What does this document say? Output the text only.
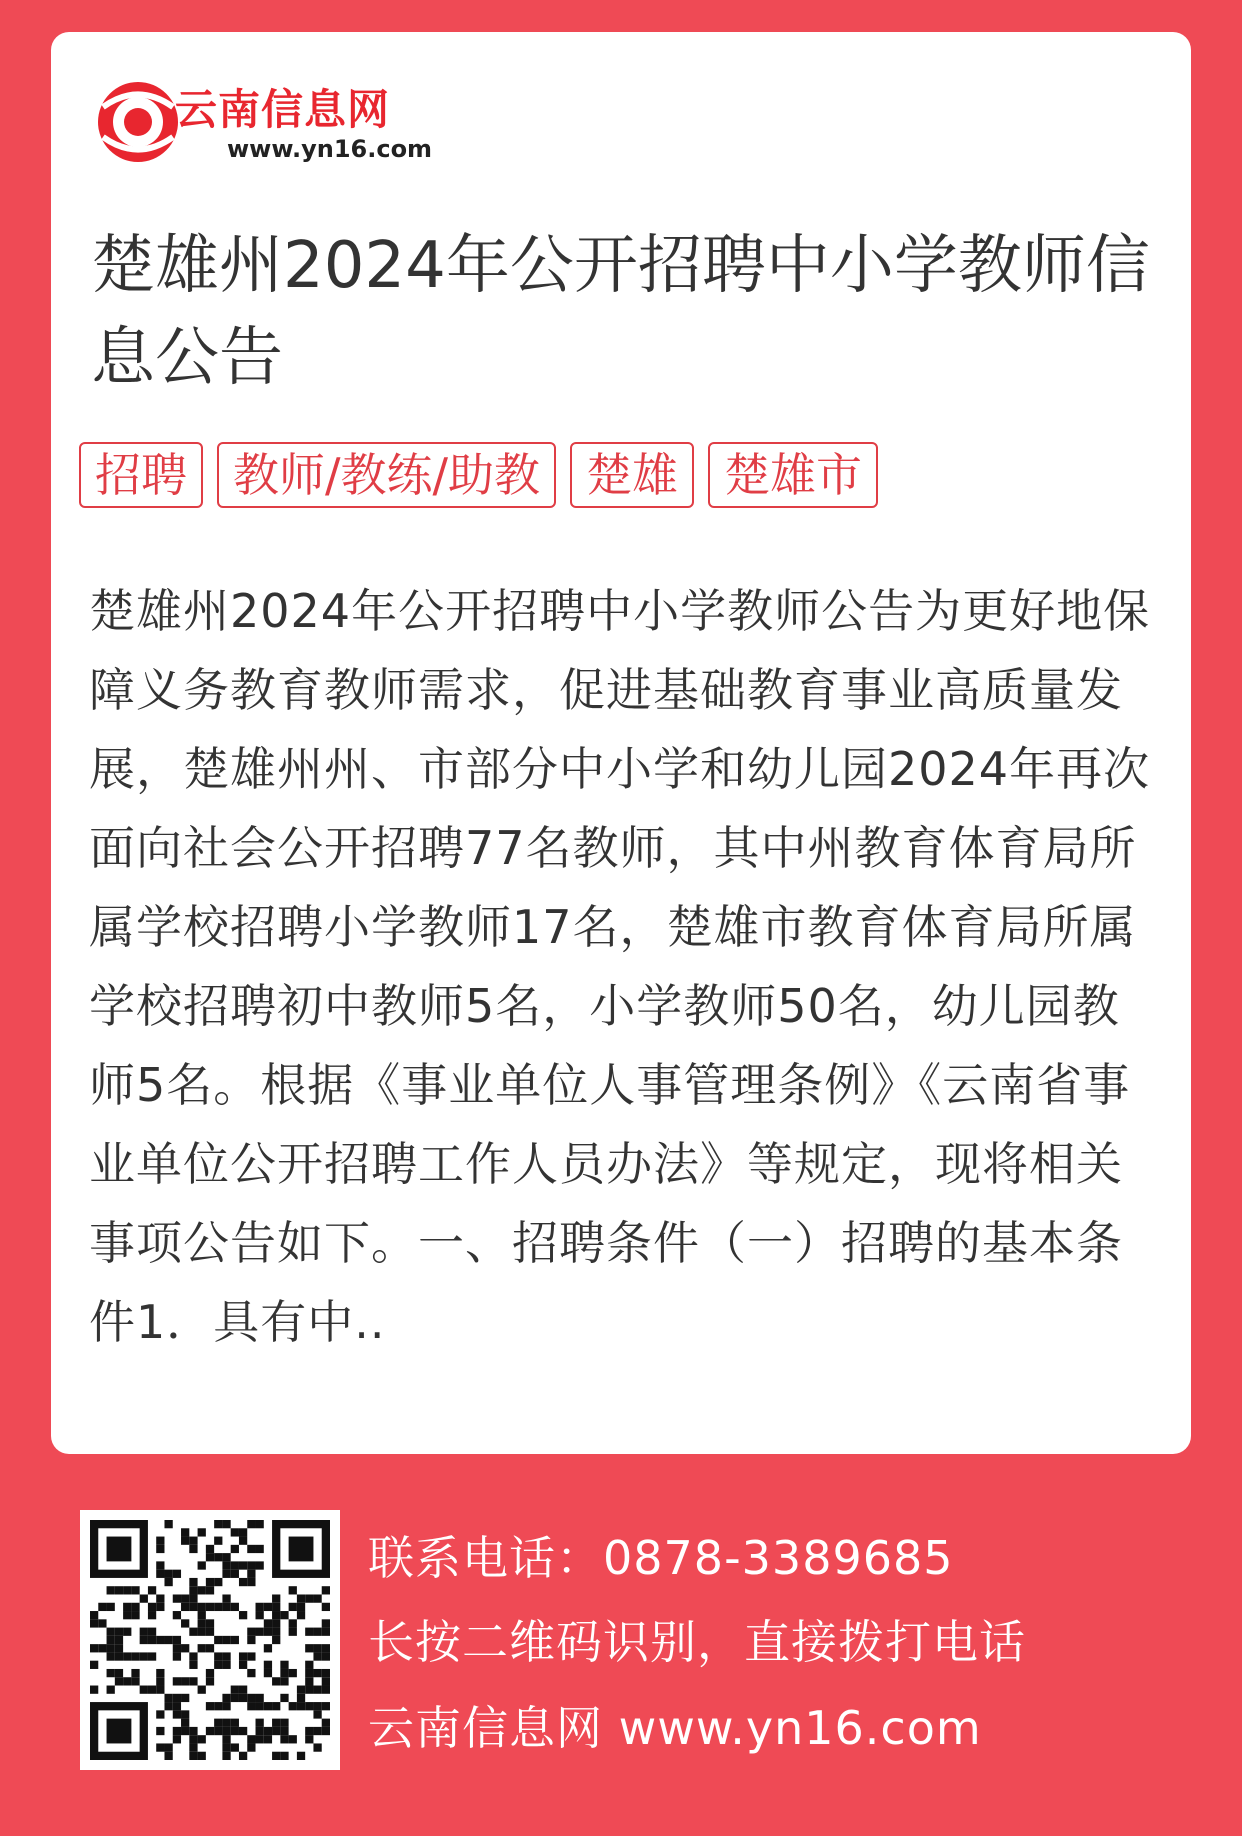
云南信息网
www.yn16.com
楚雄州2024年公开招聘中小学教师信息公告
招聘	教师/教练/助教	楚雄	楚雄市

楚雄州2024年公开招聘中小学教师公告为更好地保障义务教育教师需求，促进基础教育事业高质量发展，楚雄州州、市部分中小学和幼儿园2024年再次面向社会公开招聘77名教师，其中州教育体育局所属学校招聘小学教师17名，楚雄市教育体育局所属学校招聘初中教师5名，小学教师50名，幼儿园教师5名。根据《事业单位人事管理条例》《云南省事业单位公开招聘工作人员办法》等规定，现将相关事项公告如下。一、招聘条件（一）招聘的基本条件1．具有中..

联系电话：0878-3389685
长按二维码识别，直接拨打电话
云南信息网 www.yn16.com
